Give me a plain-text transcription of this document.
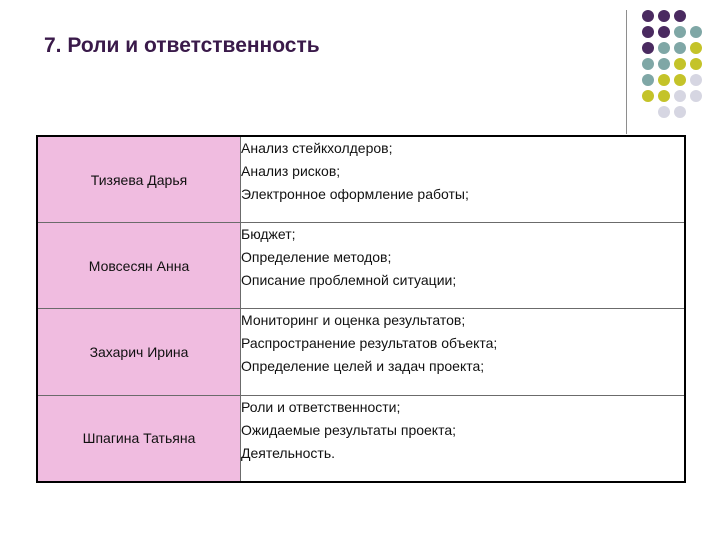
7. Роли и ответственность
Тизяева Дарья	Анализ стейкхолдеров;
Анализ рисков;
Электронное оформление работы;

Мовсесян Анна	Бюджет;
Определение методов;
Описание проблемной ситуации;

Захарич Ирина	Мониторинг и оценка результатов;
Распространение результатов объекта;
Определение целей и задач проекта;

Шпагина Татьяна	Роли и ответственности;
Ожидаемые результаты проекта;
Деятельность.
